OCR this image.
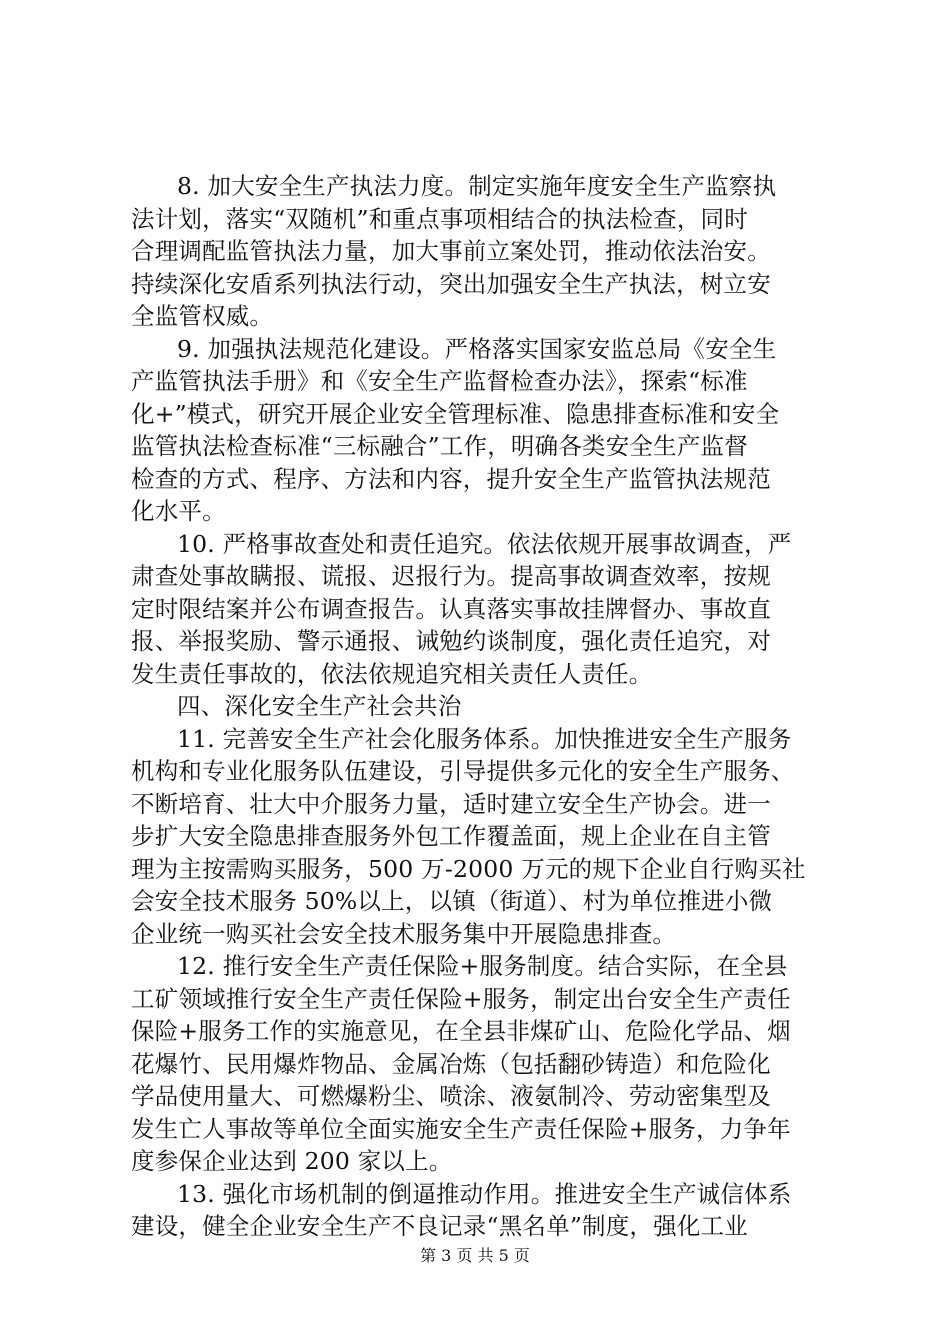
8. 加大安全生产执法力度。制定实施年度安全生产监察执
法计划，落实“双随机”和重点事项相结合的执法检查，同时
合理调配监管执法力量，加大事前立案处罚，推动依法治安。
持续深化安盾系列执法行动，突出加强安全生产执法，树立安
全监管权威。
9. 加强执法规范化建设。严格落实国家安监总局《安全生
产监管执法手册》和《安全生产监督检查办法》，探索“标准
化+”模式，研究开展企业安全管理标准、隐患排查标准和安全
监管执法检查标准“三标融合”工作，明确各类安全生产监督
检查的方式、程序、方法和内容，提升安全生产监管执法规范
化水平。
10. 严格事故查处和责任追究。依法依规开展事故调查，严
肃查处事故瞒报、谎报、迟报行为。提高事故调查效率，按规
定时限结案并公布调查报告。认真落实事故挂牌督办、事故直
报、举报奖励、警示通报、诫勉约谈制度，强化责任追究，对
发生责任事故的，依法依规追究相关责任人责任。
四、深化安全生产社会共治
11. 完善安全生产社会化服务体系。加快推进安全生产服务
机构和专业化服务队伍建设，引导提供多元化的安全生产服务、
不断培育、壮大中介服务力量，适时建立安全生产协会。进一
步扩大安全隐患排查服务外包工作覆盖面，规上企业在自主管
理为主按需购买服务，500 万-2000 万元的规下企业自行购买社
会安全技术服务 50%以上，以镇（街道）、村为单位推进小微
企业统一购买社会安全技术服务集中开展隐患排查。
12. 推行安全生产责任保险+服务制度。结合实际，在全县
工矿领域推行安全生产责任保险+服务，制定出台安全生产责任
保险+服务工作的实施意见，在全县非煤矿山、危险化学品、烟
花爆竹、民用爆炸物品、金属冶炼（包括翻砂铸造）和危险化
学品使用量大、可燃爆粉尘、喷涂、液氨制冷、劳动密集型及
发生亡人事故等单位全面实施安全生产责任保险+服务，力争年
度参保企业达到 200 家以上。
13. 强化市场机制的倒逼推动作用。推进安全生产诚信体系
建设，健全企业安全生产不良记录“黑名单”制度，强化工业
第 3 页 共 5 页
